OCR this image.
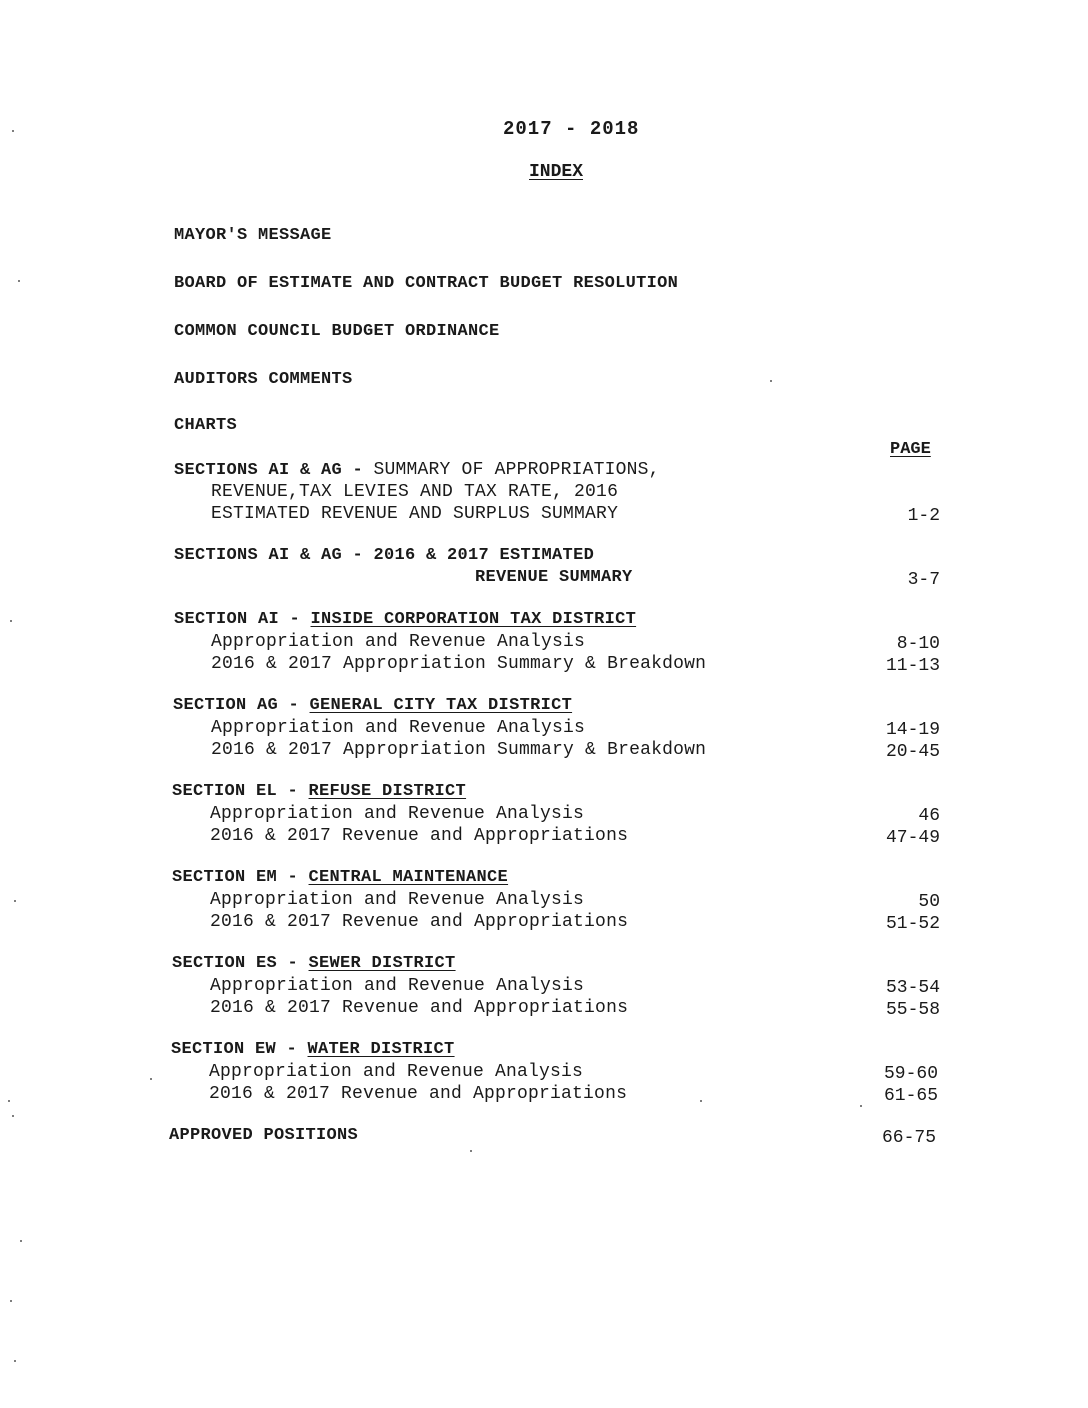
2017 - 2018
INDEX
MAYOR'S MESSAGE
BOARD OF ESTIMATE AND CONTRACT BUDGET RESOLUTION
COMMON COUNCIL BUDGET ORDINANCE
AUDITORS COMMENTS
CHARTS
PAGE
SECTIONS AI & AG - SUMMARY OF APPROPRIATIONS,
REVENUE,TAX LEVIES AND TAX RATE, 2016
ESTIMATED REVENUE AND SURPLUS SUMMARY	1-2
SECTIONS AI & AG - 2016 & 2017 ESTIMATED
REVENUE SUMMARY	3-7
SECTION AI - INSIDE CORPORATION TAX DISTRICT
Appropriation and Revenue Analysis	8-10
2016 & 2017 Appropriation Summary & Breakdown	11-13
SECTION AG - GENERAL CITY TAX DISTRICT
Appropriation and Revenue Analysis	14-19
2016 & 2017 Appropriation Summary & Breakdown	20-45
SECTION EL - REFUSE DISTRICT
Appropriation and Revenue Analysis	46
2016 & 2017 Revenue and Appropriations	47-49
SECTION EM - CENTRAL MAINTENANCE
Appropriation and Revenue Analysis	50
2016 & 2017 Revenue and Appropriations	51-52
SECTION ES - SEWER DISTRICT
Appropriation and Revenue Analysis	53-54
2016 & 2017 Revenue and Appropriations	55-58
SECTION EW - WATER DISTRICT
Appropriation and Revenue Analysis	59-60
2016 & 2017 Revenue and Appropriations	61-65
APPROVED POSITIONS	66-75
